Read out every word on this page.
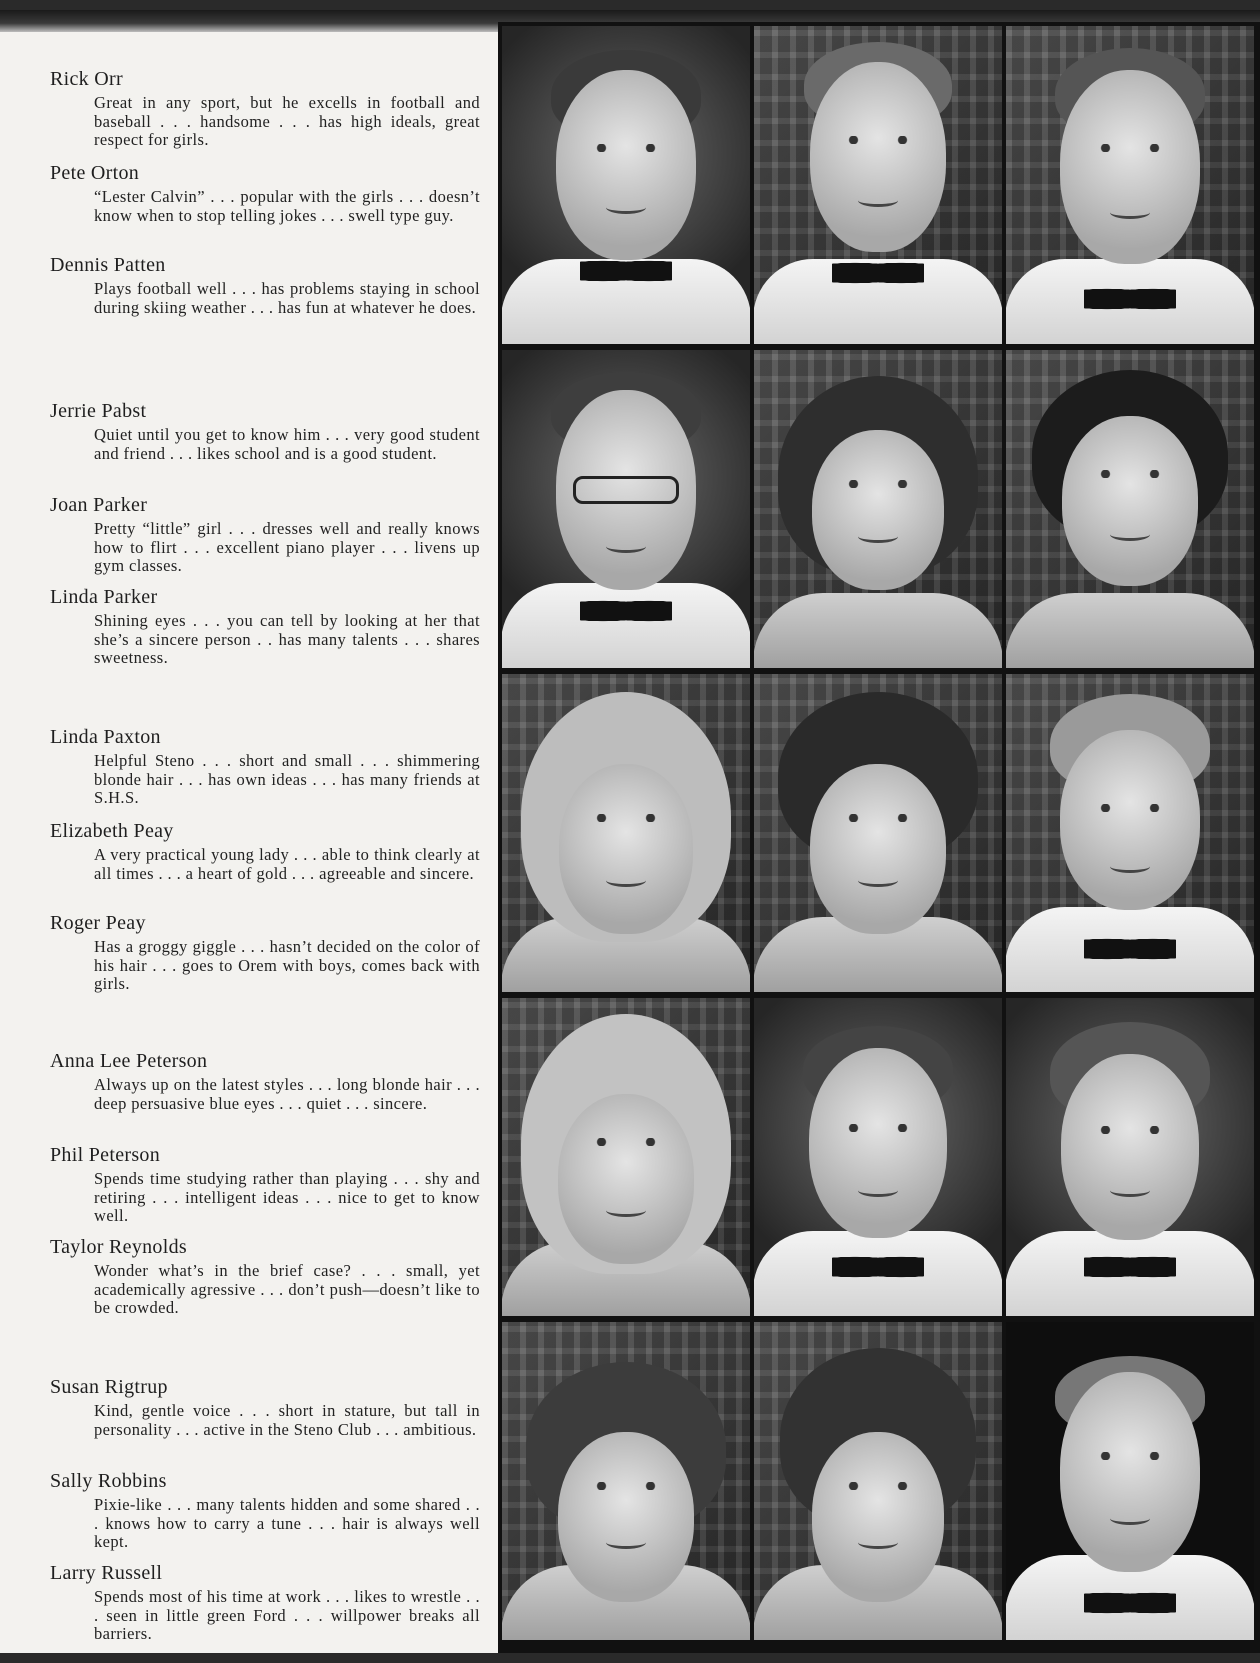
Rick Orr
Great in any sport, but he excells in football and baseball . . . handsome . . . has high ideals, great respect for girls.
Pete Orton
“Lester Calvin” . . . popular with the girls . . . doesn’t know when to stop telling jokes . . . swell type guy.
Dennis Patten
Plays football well . . . has problems staying in school during skiing weather . . . has fun at whatever he does.
Jerrie Pabst
Quiet until you get to know him . . . very good student and friend . . . likes school and is a good student.
Joan Parker
Pretty “little” girl . . . dresses well and really knows how to flirt . . . excellent piano player . . . livens up gym classes.
Linda Parker
Shining eyes . . . you can tell by looking at her that she’s a sincere person . . has many talents . . . shares sweetness.
Linda Paxton
Helpful Steno . . . short and small . . . shimmering blonde hair . . . has own ideas . . . has many friends at S.H.S.
Elizabeth Peay
A very practical young lady . . . able to think clearly at all times . . . a heart of gold . . . agreeable and sincere.
Roger Peay
Has a groggy giggle . . . hasn’t decided on the color of his hair . . . goes to Orem with boys, comes back with girls.
Anna Lee Peterson
Always up on the latest styles . . . long blonde hair . . . deep persuasive blue eyes . . . quiet . . . sincere.
Phil Peterson
Spends time studying rather than playing . . . shy and retiring . . . intelligent ideas . . . nice to get to know well.
Taylor Reynolds
Wonder what’s in the brief case? . . . small, yet academically agressive . . . don’t push—doesn’t like to be crowded.
Susan Rigtrup
Kind, gentle voice . . . short in stature, but tall in personality . . . active in the Steno Club . . . ambitious.
Sally Robbins
Pixie-like . . . many talents hidden and some shared . . . knows how to carry a tune . . . hair is always well kept.
Larry Russell
Spends most of his time at work . . . likes to wrestle . . . seen in little green Ford . . . willpower breaks all barriers.
